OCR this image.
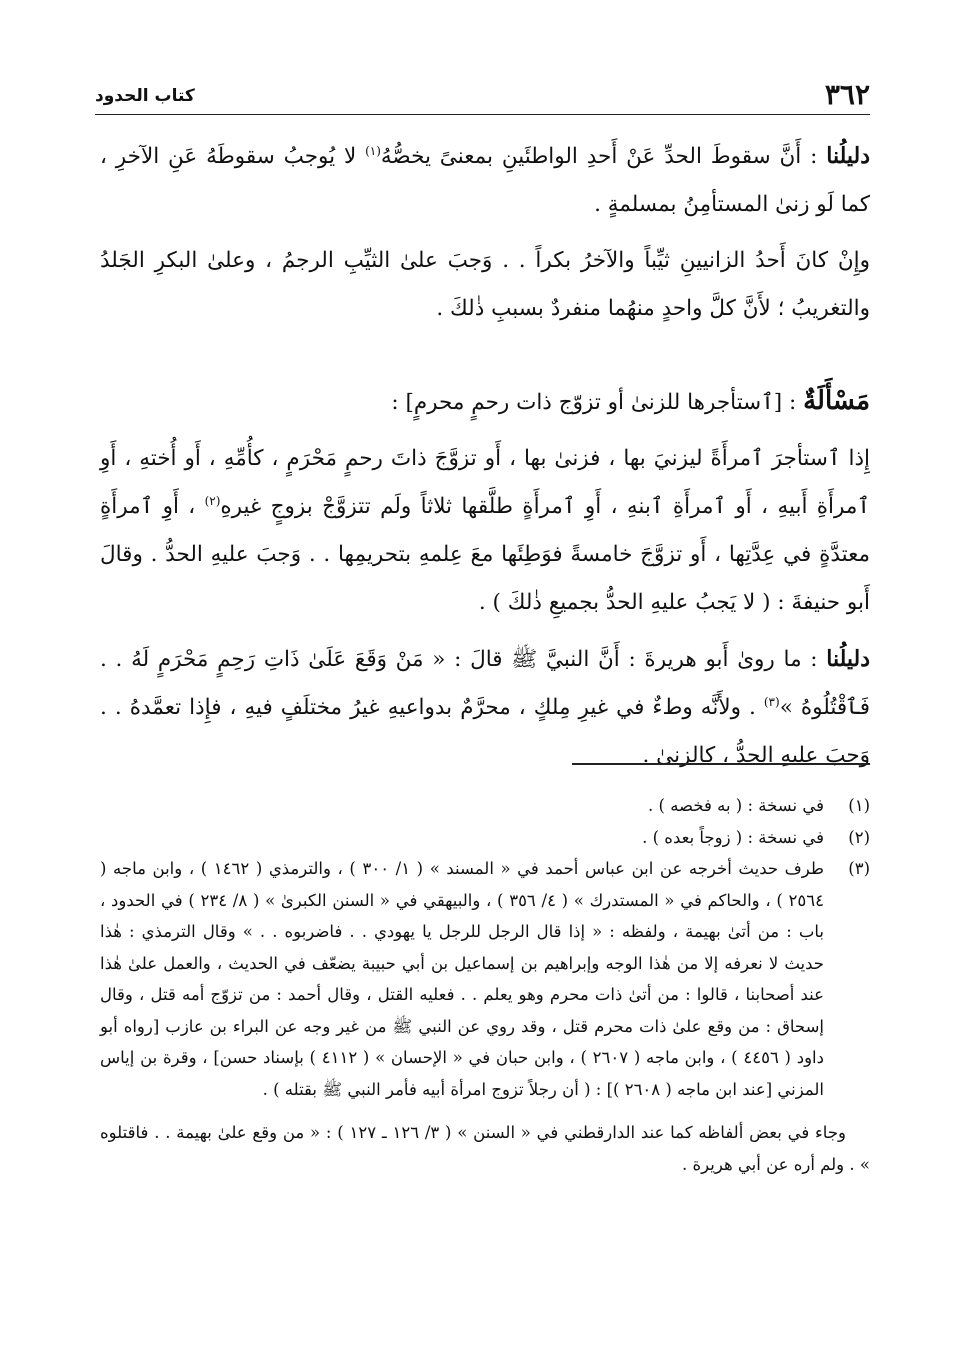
٣٦٢
كتاب الحدود

دليلُنا : أَنَّ سقوطَ الحدِّ عَنْ أَحدِ الواطئَينِ بمعنىً يخصُّهُ$^{(١)}$ لا يُوجبُ سقوطَهُ عَنِ الآخرِ ، كما لَو زنىٰ المستأمِنُ بمسلمةٍ .

وإِنْ كانَ أَحدُ الزانيينِ ثيِّباً والآخرُ بكراً . . وَجبَ علىٰ الثيِّبِ الرجمُ ، وعلىٰ البكرِ الجَلدُ والتغريبُ ؛ لأَنَّ كلَّ واحدٍ منهُما منفردٌ بسببِ ذٰلكَ .

مَسْأَلَةٌ : [ٱستأجرها للزنىٰ أو تزوّج ذات رحمٍ محرمٍ] :

إِذا ٱستأجرَ ٱمرأَةً ليزنيَ بها ، فزنىٰ بها ، أَو تزوَّجَ ذاتَ رحمٍ مَحْرَمٍ ، كأُمِّهِ ، أَو أُختهِ ، أَوِ ٱمرأَةِ أَبيهِ ، أَو ٱمرأَةِ ٱبنهِ ، أَوِ ٱمرأَةٍ طلَّقها ثلاثاً ولَم تتزوَّجْ بزوجٍ غيرهِ$^{(٢)}$ ، أَوِ ٱمرأَةٍ معتدَّةٍ في عِدَّتِها ، أَو تزوَّجَ خامسةً فوَطِئَها معَ عِلمهِ بتحريمِها . . وَجبَ عليهِ الحدُّ . وقالَ أَبو حنيفةَ : ( لا يَجبُ عليهِ الحدُّ بجميعِ ذٰلكَ ) .

دليلُنا : ما روىٰ أَبو هريرةَ : أَنَّ النبيَّ ﷺ قالَ : « مَنْ وَقَعَ عَلَىٰ ذَاتِ رَحِمٍ مَحْرَمٍ لَهُ . . فَٱقْتُلُوهُ »$^{(٣)}$ . ولأَنَّه وطءٌ في غيرِ مِلكٍ ، محرَّمٌ بدواعيهِ غيرُ مختلَفٍ فيهِ ، فإِذا تعمَّدهُ . . وَجبَ عليهِ الحدُّ ، كالزنىٰ .

(١)
في نسخة : ( به فخصه ) .
(٢)
في نسخة : ( زوجاً بعده ) .
(٣)
طرف حديث أخرجه عن ابن عباس أحمد في « المسند » ( ١/ ٣٠٠ ) ، والترمذي ( ١٤٦٢ ) ، وابن ماجه ( ٢٥٦٤ ) ، والحاكم في « المستدرك » ( ٤/ ٣٥٦ ) ، والبيهقي في « السنن الكبرىٰ » ( ٨/ ٢٣٤ ) في الحدود ، باب : من أتىٰ بهيمة ، ولفظه : « إذا قال الرجل للرجل يا يهودي . . فاضربوه . . » وقال الترمذي : هٰذا حديث لا نعرفه إلا من هٰذا الوجه وإبراهيم بن إسماعيل بن أبي حبيبة يضعّف في الحديث ، والعمل علىٰ هٰذا عند أصحابنا ، قالوا : من أتىٰ ذات محرم وهو يعلم . . فعليه القتل ، وقال أحمد : من تزوّج أمه قتل ، وقال إسحاق : من وقع علىٰ ذات محرم قتل ، وقد روي عن النبي ﷺ من غير وجه عن البراء بن عازب [رواه أبو داود ( ٤٤٥٦ ) ، وابن ماجه ( ٢٦٠٧ ) ، وابن حبان في « الإحسان » ( ٤١١٢ ) بإسناد حسن] ، وقرة بن إياس المزني [عند ابن ماجه ( ٢٦٠٨ )] : ( أن رجلاً تزوج امرأة أبيه فأمر النبي ﷺ بقتله ) .
وجاء في بعض ألفاظه كما عند الدارقطني في « السنن » ( ٣/ ١٢٦ ـ ١٢٧ ) : « من وقع علىٰ بهيمة . . فاقتلوه » . ولم أره عن أبي هريرة .
